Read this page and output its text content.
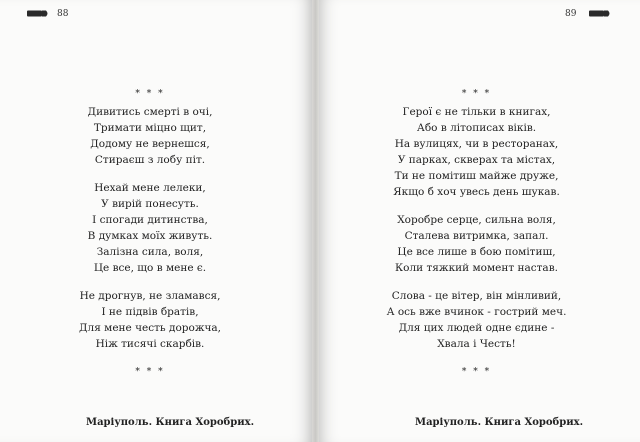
88
* * *
Дивитись смерті в очі,
Тримати міцно щит,
Додому не вернешся,
Стираєш з лобу піт.
Нехай мене лелеки,
У вирій понесуть.
І спогади дитинства,
В думках моїх живуть.
Залізна сила, воля,
Це все, що в мене є.
Не дрогнув, не зламався,
І не підвів братів,
Для мене честь дорожча,
Ніж тисячі скарбів.
* * *
Маріуполь. Книга Хоробрих.
89
* * *
Герої є не тільки в книгах,
Або в літописах віків.
На вулицях, чи в ресторанах,
У парках, скверах та містах,
Ти не помітиш майже друже,
Якщо б хоч увесь день шукав.
Хоробре серце, сильна воля,
Сталева витримка, запал.
Це все лише в бою помітиш,
Коли тяжкий момент настав.
Слова - це вітер, він мінливий,
А ось вже вчинок - гострий меч.
Для цих людей одне єдине -
Хвала і Честь!
* * *
Маріуполь. Книга Хоробрих.
